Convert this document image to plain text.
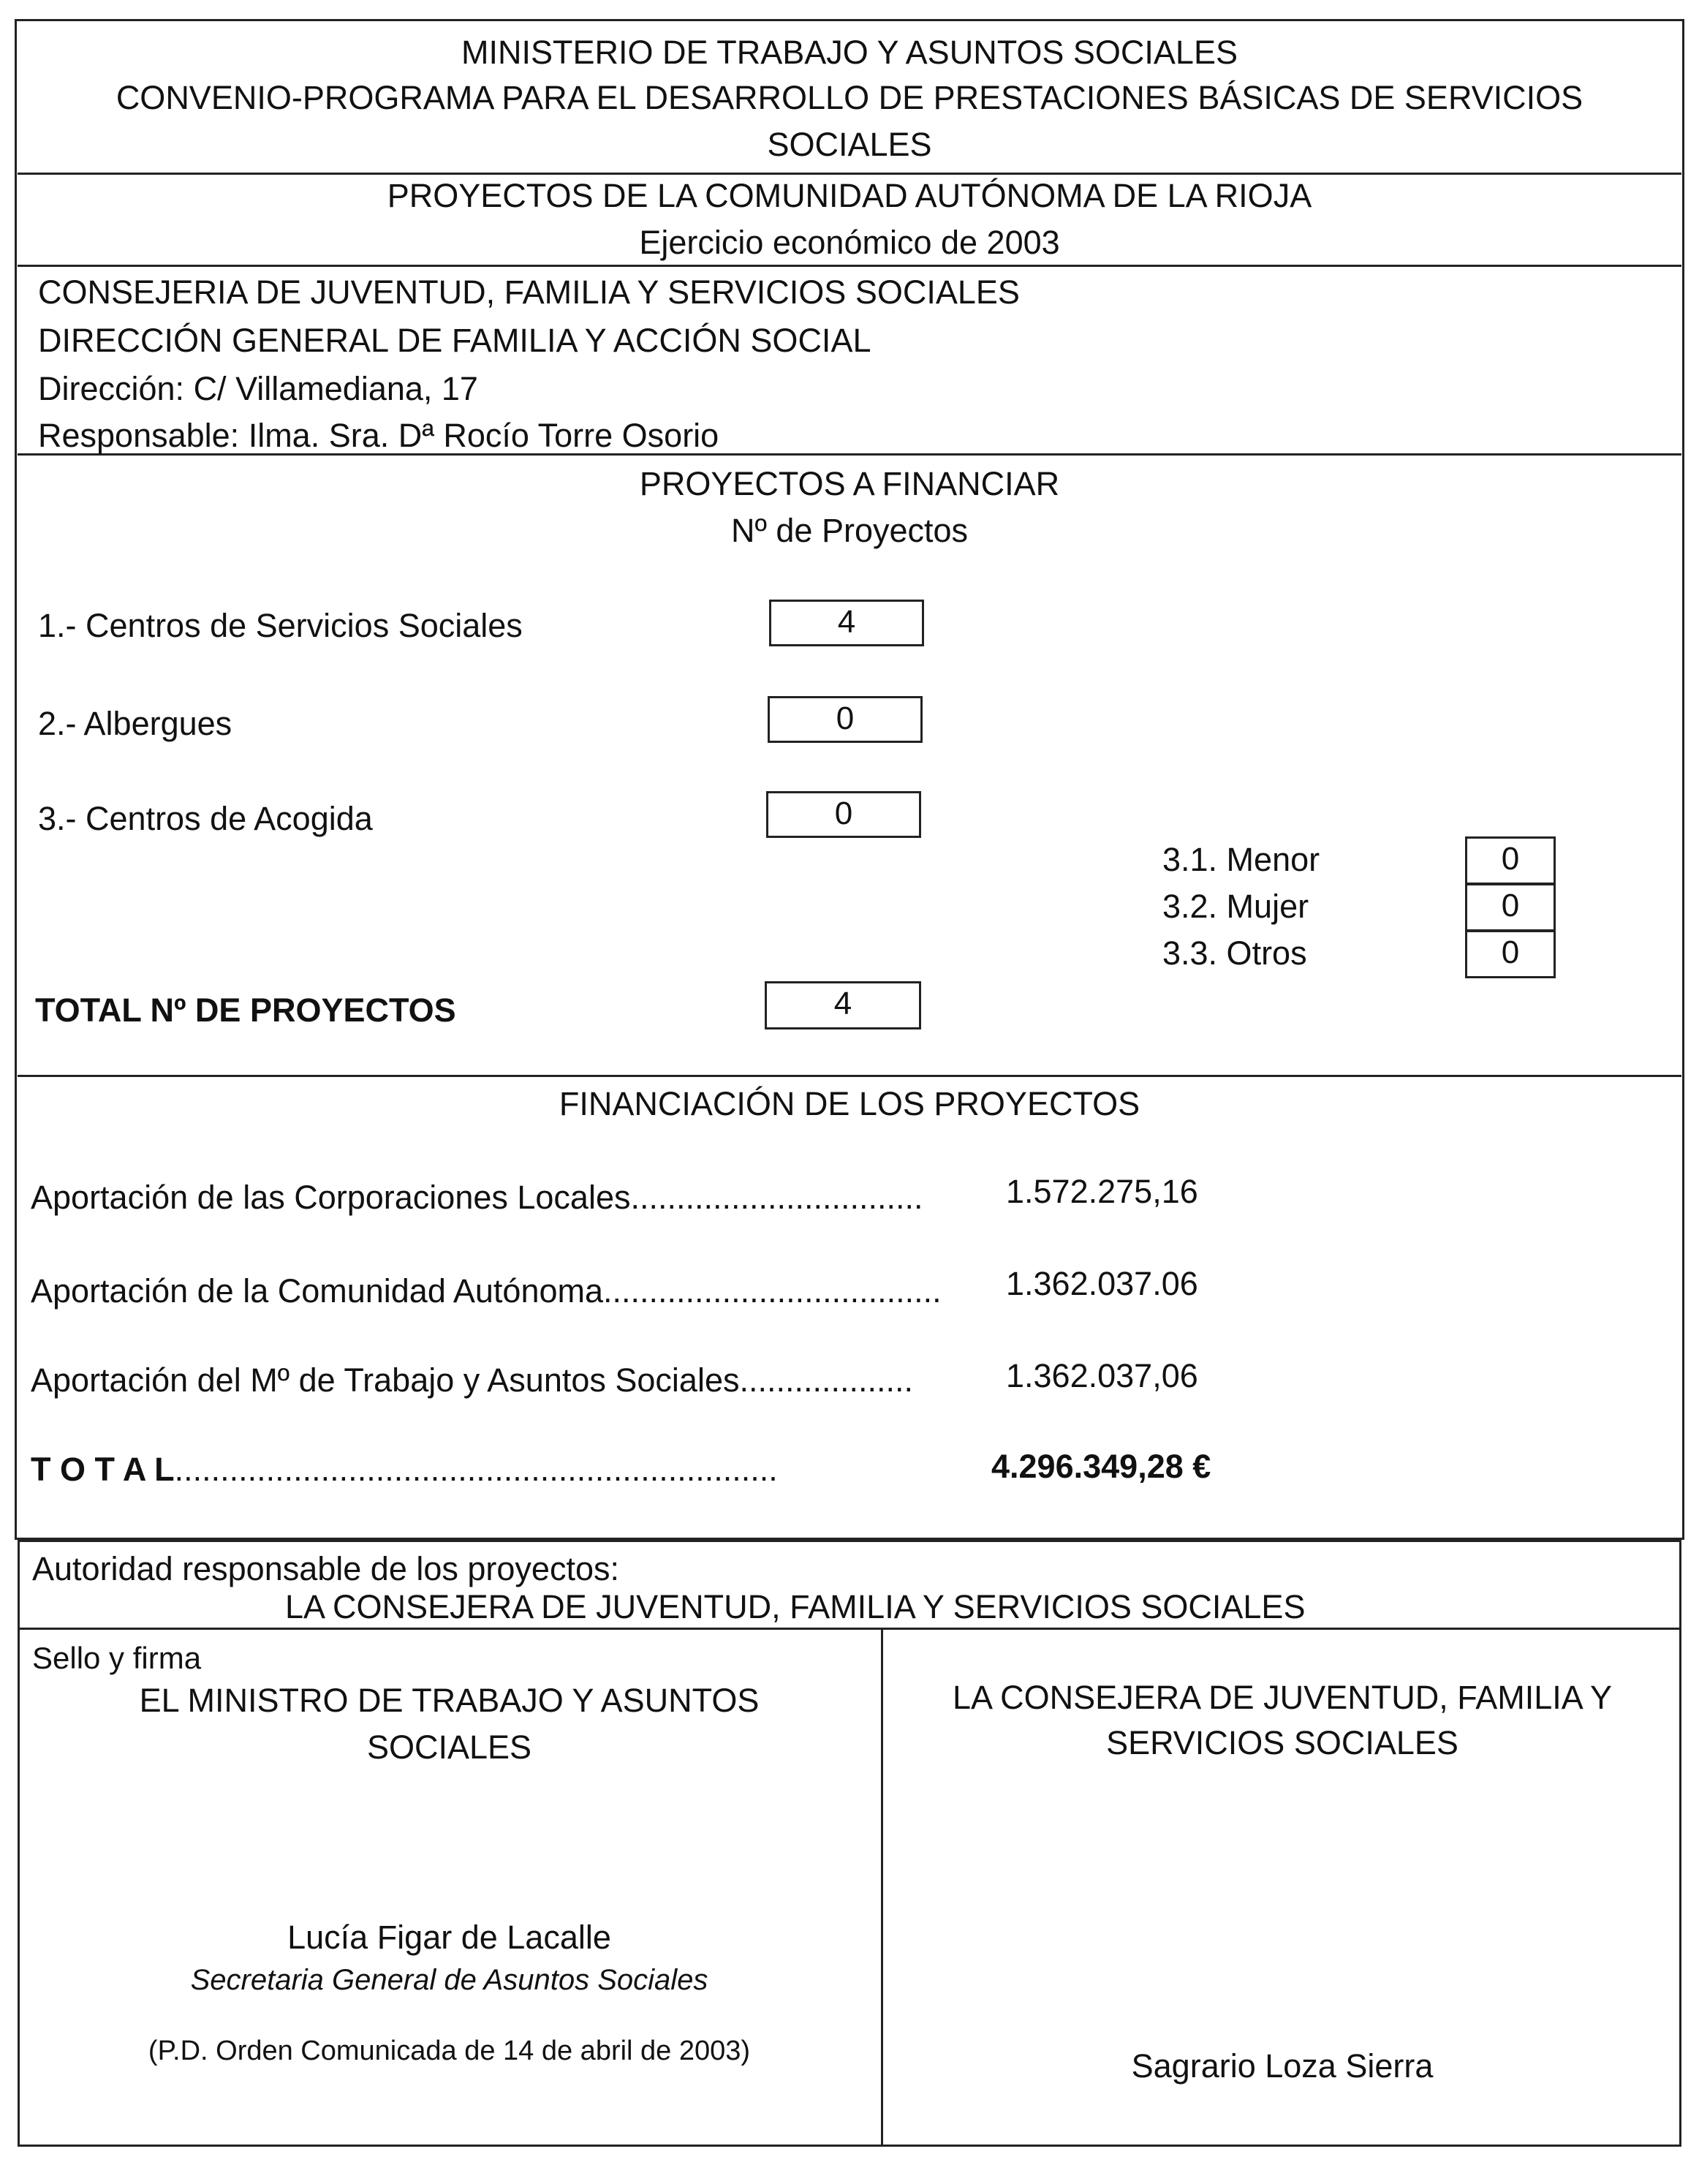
MINISTERIO DE TRABAJO Y ASUNTOS SOCIALES
CONVENIO-PROGRAMA PARA EL DESARROLLO DE PRESTACIONES BÁSICAS DE SERVICIOS
SOCIALES
PROYECTOS DE LA COMUNIDAD AUTÓNOMA DE LA RIOJA
Ejercicio económico de 2003
CONSEJERIA DE JUVENTUD, FAMILIA Y SERVICIOS SOCIALES
DIRECCIÓN GENERAL DE FAMILIA Y ACCIÓN SOCIAL
Dirección: C/ Villamediana, 17
Responsable: Ilma. Sra. Dª Rocío Torre Osorio
PROYECTOS A FINANCIAR
Nº de Proyectos
1.- Centros de Servicios Sociales	4
2.- Albergues	0
3.- Centros de Acogida	0
3.1. Menor	0
3.2. Mujer	0
3.3. Otros	0
TOTAL Nº DE PROYECTOS	4
FINANCIACIÓN DE LOS PROYECTOS
Aportación de las Corporaciones Locales................................	1.572.275,16
Aportación de la Comunidad Autónoma..................................... 1.362.037.06
Aportación del Mº de Trabajo y Asuntos Sociales...................	1.362.037,06
T O T A L..................................................................	4.296.349,28 €
Autoridad responsable de los proyectos:
LA CONSEJERA DE JUVENTUD, FAMILIA Y SERVICIOS SOCIALES
Sello y firma
EL MINISTRO DE TRABAJO Y ASUNTOS
SOCIALES
Lucía Figar de Lacalle
Secretaria General de Asuntos Sociales
(P.D. Orden Comunicada de 14 de abril de 2003)
LA CONSEJERA DE JUVENTUD, FAMILIA Y
SERVICIOS SOCIALES
Sagrario Loza Sierra
